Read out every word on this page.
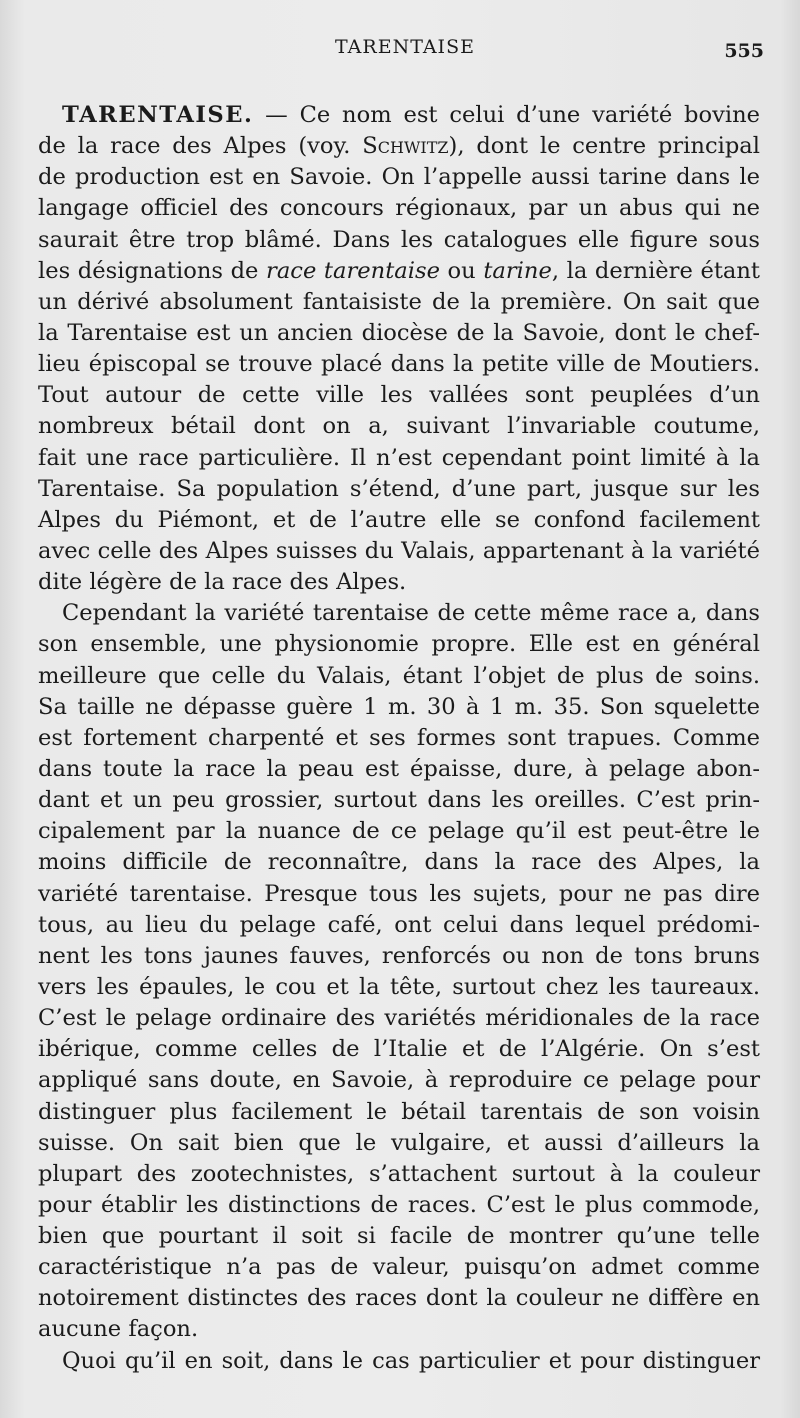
TARENTAISE	555
TARENTAISE. — Ce nom est celui d’une variété bovine
de la race des Alpes (voy. Schwitz), dont le centre principal
de production est en Savoie. On l’appelle aussi tarine dans le
langage officiel des concours régionaux, par un abus qui ne
saurait être trop blâmé. Dans les catalogues elle figure sous
les désignations de race tarentaise ou tarine, la dernière étant
un dérivé absolument fantaisiste de la première. On sait que
la Tarentaise est un ancien diocèse de la Savoie, dont le chef-
lieu épiscopal se trouve placé dans la petite ville de Moutiers.
Tout autour de cette ville les vallées sont peuplées d’un
nombreux bétail dont on a, suivant l’invariable coutume,
fait une race particulière. Il n’est cependant point limité à la
Tarentaise. Sa population s’étend, d’une part, jusque sur les
Alpes du Piémont, et de l’autre elle se confond facilement
avec celle des Alpes suisses du Valais, appartenant à la variété
dite légère de la race des Alpes.
Cependant la variété tarentaise de cette même race a, dans
son ensemble, une physionomie propre. Elle est en général
meilleure que celle du Valais, étant l’objet de plus de soins.
Sa taille ne dépasse guère 1 m. 30 à 1 m. 35. Son squelette
est fortement charpenté et ses formes sont trapues. Comme
dans toute la race la peau est épaisse, dure, à pelage abon-
dant et un peu grossier, surtout dans les oreilles. C’est prin-
cipalement par la nuance de ce pelage qu’il est peut-être le
moins difficile de reconnaître, dans la race des Alpes, la
variété tarentaise. Presque tous les sujets, pour ne pas dire
tous, au lieu du pelage café, ont celui dans lequel prédomi-
nent les tons jaunes fauves, renforcés ou non de tons bruns
vers les épaules, le cou et la tête, surtout chez les taureaux.
C’est le pelage ordinaire des variétés méridionales de la race
ibérique, comme celles de l’Italie et de l’Algérie. On s’est
appliqué sans doute, en Savoie, à reproduire ce pelage pour
distinguer plus facilement le bétail tarentais de son voisin
suisse. On sait bien que le vulgaire, et aussi d’ailleurs la
plupart des zootechnistes, s’attachent surtout à la couleur
pour établir les distinctions de races. C’est le plus commode,
bien que pourtant il soit si facile de montrer qu’une telle
caractéristique n’a pas de valeur, puisqu’on admet comme
notoirement distinctes des races dont la couleur ne diffère en
aucune façon.
Quoi qu’il en soit, dans le cas particulier et pour distinguer
